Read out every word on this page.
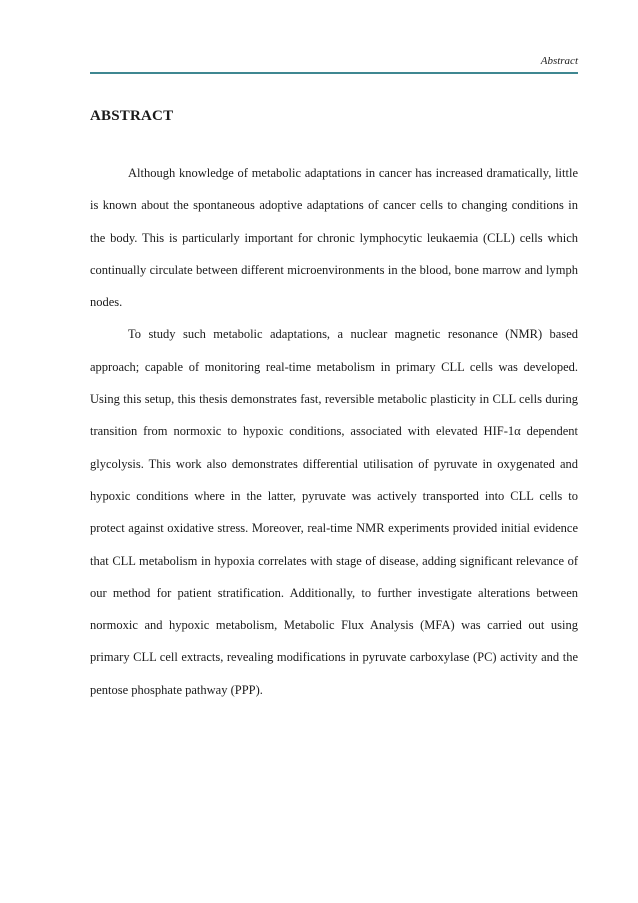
Abstract
ABSTRACT

Although knowledge of metabolic adaptations in cancer has increased dramatically, little is known about the spontaneous adoptive adaptations of cancer cells to changing conditions in the body. This is particularly important for chronic lymphocytic leukaemia (CLL) cells which continually circulate between different microenvironments in the blood, bone marrow and lymph nodes.

To study such metabolic adaptations, a nuclear magnetic resonance (NMR) based approach; capable of monitoring real-time metabolism in primary CLL cells was developed. Using this setup, this thesis demonstrates fast, reversible metabolic plasticity in CLL cells during transition from normoxic to hypoxic conditions, associated with elevated HIF-1α dependent glycolysis. This work also demonstrates differential utilisation of pyruvate in oxygenated and hypoxic conditions where in the latter, pyruvate was actively transported into CLL cells to protect against oxidative stress. Moreover, real-time NMR experiments provided initial evidence that CLL metabolism in hypoxia correlates with stage of disease, adding significant relevance of our method for patient stratification. Additionally, to further investigate alterations between normoxic and hypoxic metabolism, Metabolic Flux Analysis (MFA) was carried out using primary CLL cell extracts, revealing modifications in pyruvate carboxylase (PC) activity and the pentose phosphate pathway (PPP).
